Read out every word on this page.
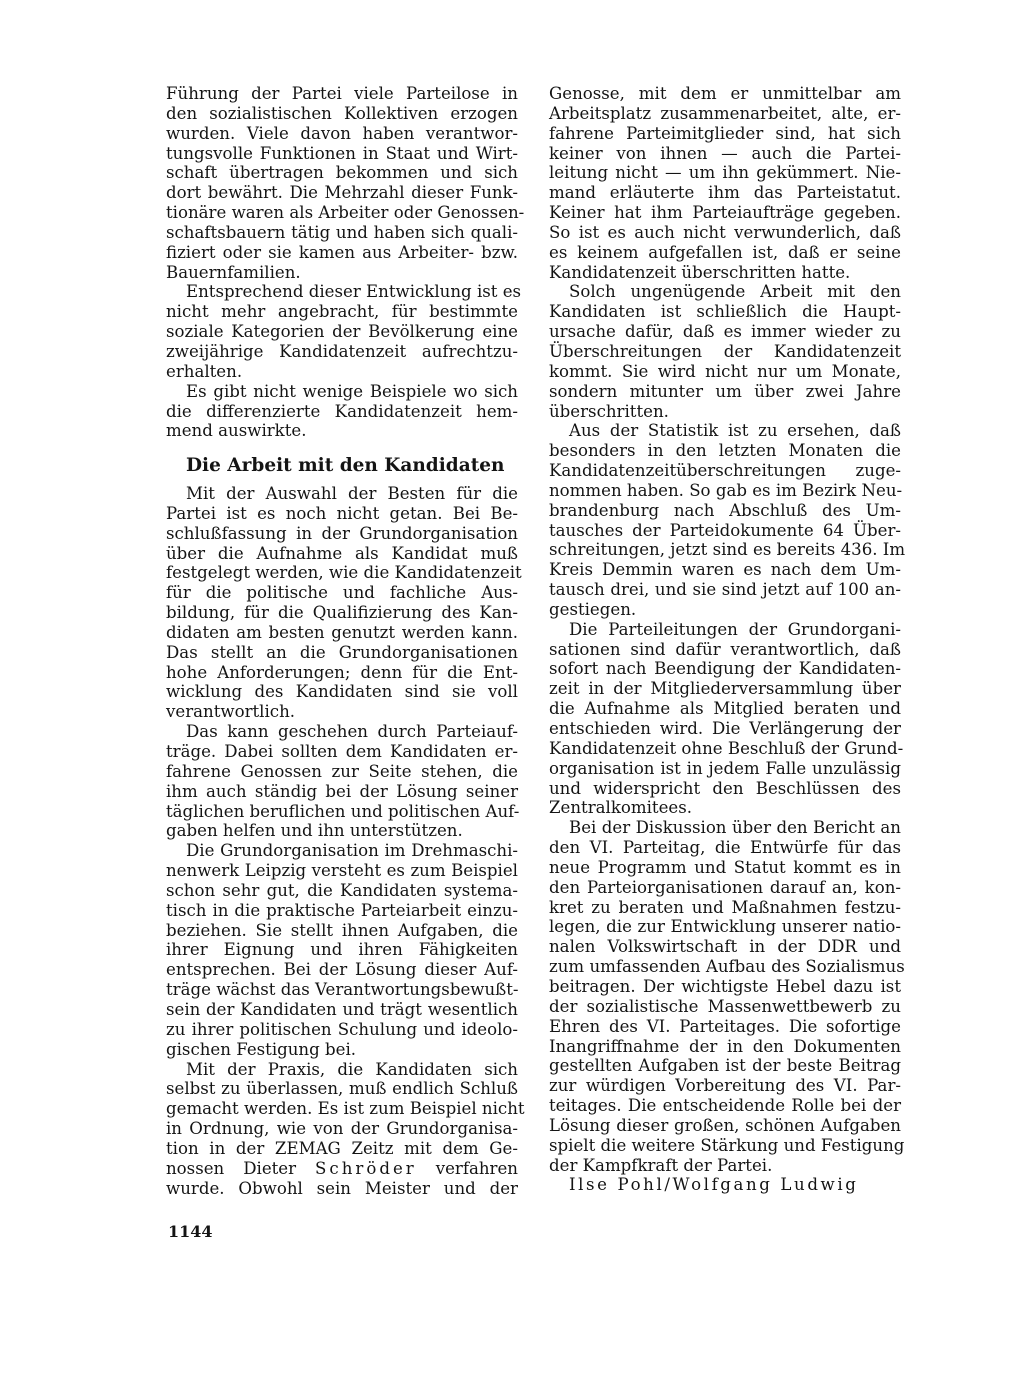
Führung der Partei viele Parteilose in
den sozialistischen Kollektiven erzogen
wurden. Viele davon haben verantwor-
tungsvolle Funktionen in Staat und Wirt-
schaft übertragen bekommen und sich
dort bewährt. Die Mehrzahl dieser Funk-
tionäre waren als Arbeiter oder Genossen-
schaftsbauern tätig und haben sich quali-
fiziert oder sie kamen aus Arbeiter- bzw.
Bauernfamilien.
Entsprechend dieser Entwicklung ist es
nicht mehr angebracht, für bestimmte
soziale Kategorien der Bevölkerung eine
zweijährige Kandidatenzeit aufrechtzu-
erhalten.
Es gibt nicht wenige Beispiele wo sich
die differenzierte Kandidatenzeit hem-
mend auswirkte.
Die Arbeit mit den Kandidaten
Mit der Auswahl der Besten für die
Partei ist es noch nicht getan. Bei Be-
schlußfassung in der Grundorganisation
über die Aufnahme als Kandidat muß
festgelegt werden, wie die Kandidatenzeit
für die politische und fachliche Aus-
bildung, für die Qualifizierung des Kan-
didaten am besten genutzt werden kann.
Das stellt an die Grundorganisationen
hohe Anforderungen; denn für die Ent-
wicklung des Kandidaten sind sie voll
verantwortlich.
Das kann geschehen durch Parteiauf-
träge. Dabei sollten dem Kandidaten er-
fahrene Genossen zur Seite stehen, die
ihm auch ständig bei der Lösung seiner
täglichen beruflichen und politischen Auf-
gaben helfen und ihn unterstützen.
Die Grundorganisation im Drehmaschi-
nenwerk Leipzig versteht es zum Beispiel
schon sehr gut, die Kandidaten systema-
tisch in die praktische Parteiarbeit einzu-
beziehen. Sie stellt ihnen Aufgaben, die
ihrer Eignung und ihren Fähigkeiten
entsprechen. Bei der Lösung dieser Auf-
träge wächst das Verantwortungsbewußt-
sein der Kandidaten und trägt wesentlich
zu ihrer politischen Schulung und ideolo-
gischen Festigung bei.
Mit der Praxis, die Kandidaten sich
selbst zu überlassen, muß endlich Schluß
gemacht werden. Es ist zum Beispiel nicht
in Ordnung, wie von der Grundorganisa-
tion in der ZEMAG Zeitz mit dem Ge-
nossen Dieter Schröder verfahren
wurde. Obwohl sein Meister und der
Genosse, mit dem er unmittelbar am
Arbeitsplatz zusammenarbeitet, alte, er-
fahrene Parteimitglieder sind, hat sich
keiner von ihnen — auch die Partei-
leitung nicht — um ihn gekümmert. Nie-
mand erläuterte ihm das Parteistatut.
Keiner hat ihm Parteiaufträge gegeben.
So ist es auch nicht verwunderlich, daß
es keinem aufgefallen ist, daß er seine
Kandidatenzeit überschritten hatte.
Solch ungenügende Arbeit mit den
Kandidaten ist schließlich die Haupt-
ursache dafür, daß es immer wieder zu
Überschreitungen der Kandidatenzeit
kommt. Sie wird nicht nur um Monate,
sondern mitunter um über zwei Jahre
überschritten.
Aus der Statistik ist zu ersehen, daß
besonders in den letzten Monaten die
Kandidatenzeitüberschreitungen zuge-
nommen haben. So gab es im Bezirk Neu-
brandenburg nach Abschluß des Um-
tausches der Parteidokumente 64 Über-
schreitungen, jetzt sind es bereits 436. Im
Kreis Demmin waren es nach dem Um-
tausch drei, und sie sind jetzt auf 100 an-
gestiegen.
Die Parteileitungen der Grundorgani-
sationen sind dafür verantwortlich, daß
sofort nach Beendigung der Kandidaten-
zeit in der Mitgliederversammlung über
die Aufnahme als Mitglied beraten und
entschieden wird. Die Verlängerung der
Kandidatenzeit ohne Beschluß der Grund-
organisation ist in jedem Falle unzulässig
und widerspricht den Beschlüssen des
Zentralkomitees.
Bei der Diskussion über den Bericht an
den VI. Parteitag, die Entwürfe für das
neue Programm und Statut kommt es in
den Parteiorganisationen darauf an, kon-
kret zu beraten und Maßnahmen festzu-
legen, die zur Entwicklung unserer natio-
nalen Volkswirtschaft in der DDR und
zum umfassenden Aufbau des Sozialismus
beitragen. Der wichtigste Hebel dazu ist
der sozialistische Massenwettbewerb zu
Ehren des VI. Parteitages. Die sofortige
Inangriffnahme der in den Dokumenten
gestellten Aufgaben ist der beste Beitrag
zur würdigen Vorbereitung des VI. Par-
teitages. Die entscheidende Rolle bei der
Lösung dieser großen, schönen Aufgaben
spielt die weitere Stärkung und Festigung
der Kampfkraft der Partei.
Ilse Pohl/Wolfgang Ludwig
1144
